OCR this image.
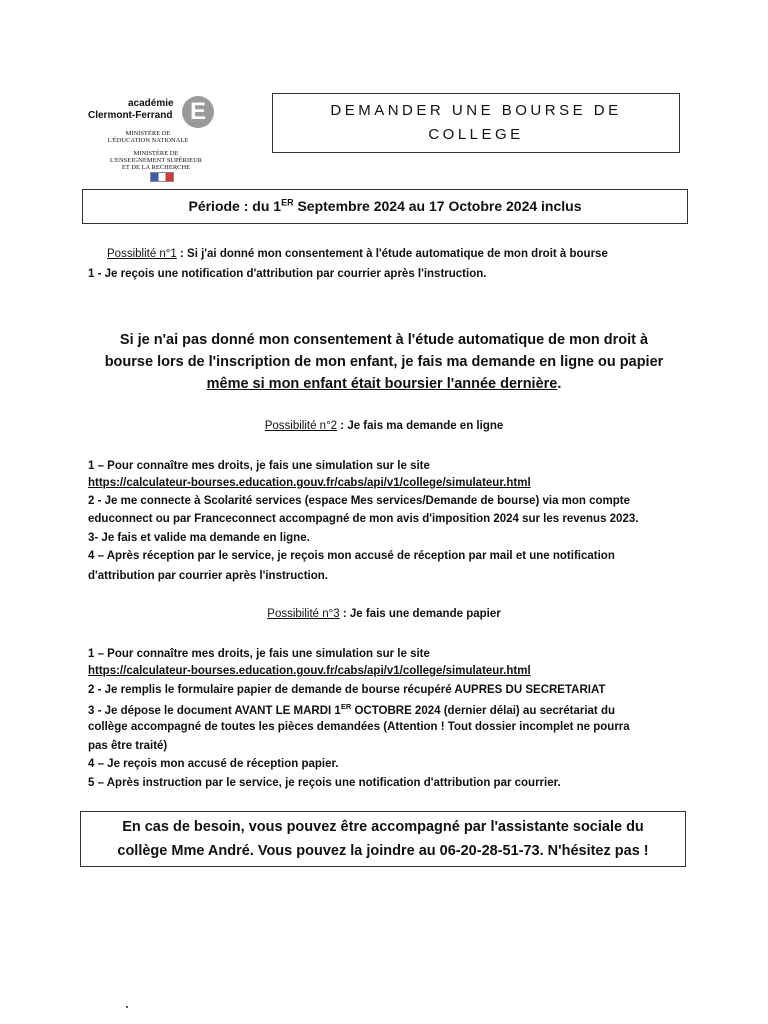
académie
Clermont-Ferrand E
MINISTÈRE DE
L'ÉDUCATION NATIONALE
MINISTÈRE DE
L'ENSEIGNEMENT SUPÉRIEUR
ET DE LA RECHERCHE
DEMANDER UNE BOURSE DE
COLLEGE
Période : du 1ER Septembre 2024 au 17 Octobre 2024 inclus
Possiblité n°1 : Si j'ai donné mon consentement à l'étude automatique de mon droit à bourse
1 - Je reçois une notification d'attribution par courrier après l'instruction.
Si je n'ai pas donné mon consentement à l'étude automatique de mon droit à
bourse lors de l'inscription de mon enfant, je fais ma demande en ligne ou papier
même si mon enfant était boursier l'année dernière.
Possibilité n°2 : Je fais ma demande en ligne
1 – Pour connaître mes droits, je fais une simulation sur le site
https://calculateur-bourses.education.gouv.fr/cabs/api/v1/college/simulateur.html
2 - Je me connecte à Scolarité services (espace Mes services/Demande de bourse) via mon compte
educonnect ou par Franceconnect accompagné de mon avis d'imposition 2024 sur les revenus 2023.
3- Je fais et valide ma demande en ligne.
4 – Après réception par le service, je reçois mon accusé de réception par mail et une notification
d'attribution par courrier après l'instruction.
Possibilité n°3 : Je fais une demande papier
1 – Pour connaître mes droits, je fais une simulation sur le site
https://calculateur-bourses.education.gouv.fr/cabs/api/v1/college/simulateur.html
2 - Je remplis le formulaire papier de demande de bourse récupéré AUPRES DU SECRETARIAT
3 - Je dépose le document AVANT LE MARDI 1ER OCTOBRE 2024 (dernier délai) au secrétariat du
collège accompagné de toutes les pièces demandées (Attention ! Tout dossier incomplet ne pourra
pas être traité)
4 – Je reçois mon accusé de réception papier.
5 – Après instruction par le service, je reçois une notification d'attribution par courrier.
En cas de besoin, vous pouvez être accompagné par l'assistante sociale du
collège Mme André. Vous pouvez la joindre au 06-20-28-51-73. N'hésitez pas !
